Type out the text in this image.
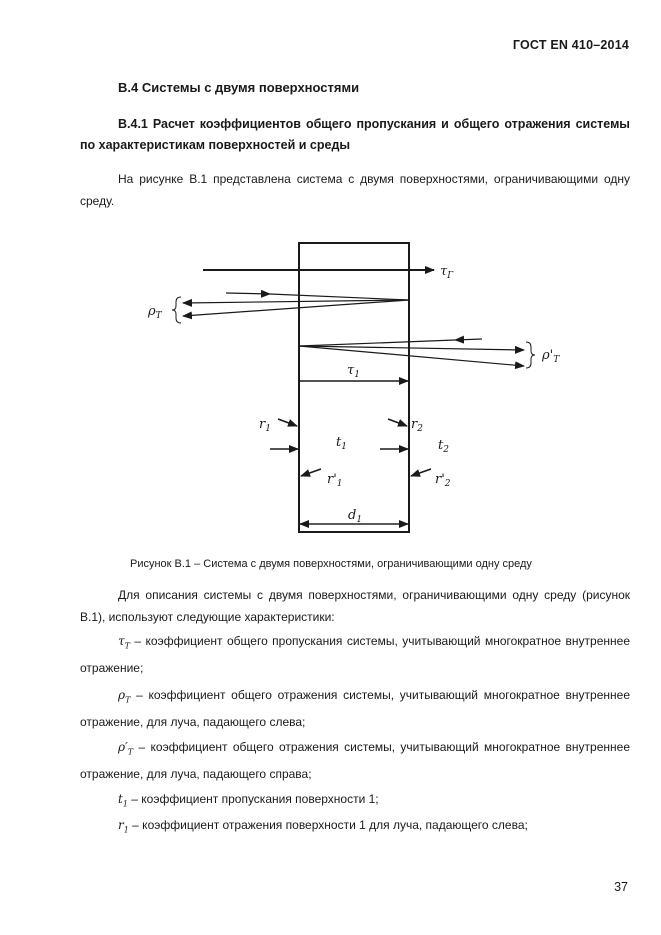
ГОСТ EN 410–2014
В.4 Системы с двумя поверхностями
В.4.1 Расчет коэффициентов общего пропускания и общего отражения системы по характеристикам поверхностей и среды
На рисунке В.1 представлена система с двумя поверхностями, ограничивающими одну среду.
$\tau_Г$
$\rho_T$
$\rho'_T$
$\tau_1$
$r_1$	$r_2$
$t_1$	$t_2$
$r'_1$	$r'_2$
$d_1$
Рисунок В.1 – Система с двумя поверхностями, ограничивающими одну среду
Для описания системы с двумя поверхностями, ограничивающими одну среду (рисунок В.1), используют следующие характеристики:
$\tau_T$ – коэффициент общего пропускания системы, учитывающий многократное внутреннее отражение;
$\rho_T$ – коэффициент общего отражения системы, учитывающий многократное внутреннее отражение, для луча, падающего слева;
$\rho'_T$ – коэффициент общего отражения системы, учитывающий многократное внутреннее отражение, для луча, падающего справа;
$t_1$ – коэффициент пропускания поверхности 1;
$r_1$ – коэффициент отражения поверхности 1 для луча, падающего слева;
37
